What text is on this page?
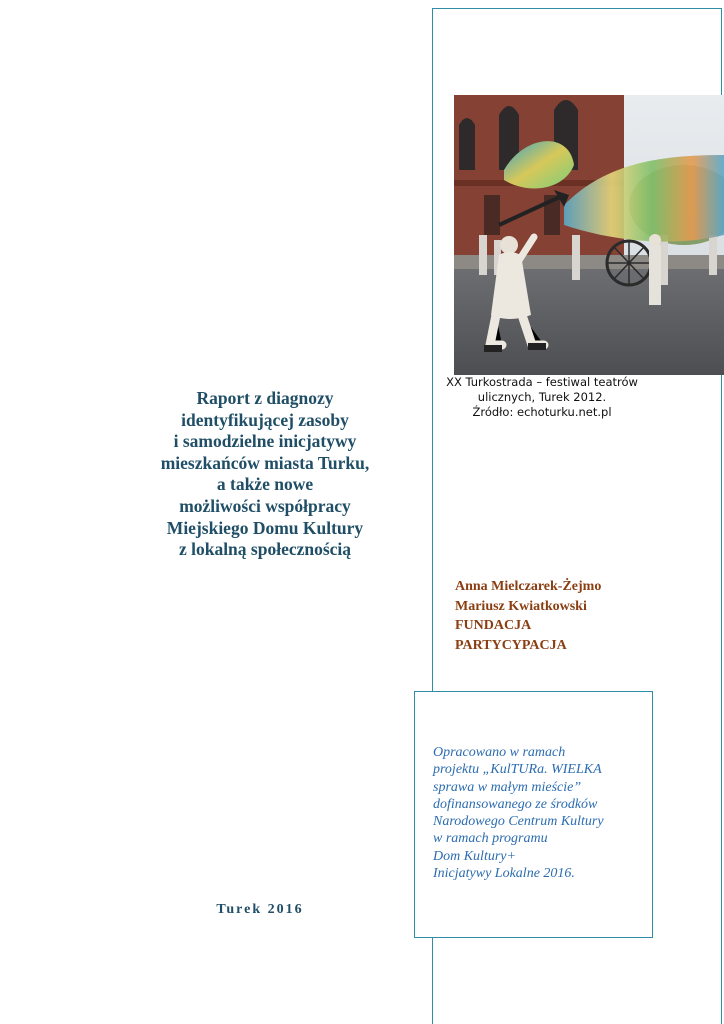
XX Turkostrada – festiwal teatrów
ulicznych, Turek 2012.
Źródło: echoturku.net.pl
Raport z diagnozy
identyfikującej zasoby
i samodzielne inicjatywy
mieszkańców miasta Turku,
a także nowe
możliwości współpracy
Miejskiego Domu Kultury
z lokalną społecznością
Anna Mielczarek-Żejmo
Mariusz Kwiatkowski
FUNDACJA
PARTYCYPACJA
Opracowano w ramach
projektu „KulTURa. WIELKA
sprawa w małym mieście”
dofinansowanego ze środków
Narodowego Centrum Kultury
w ramach programu
Dom Kultury+
Inicjatywy Lokalne 2016.
Turek 2016
